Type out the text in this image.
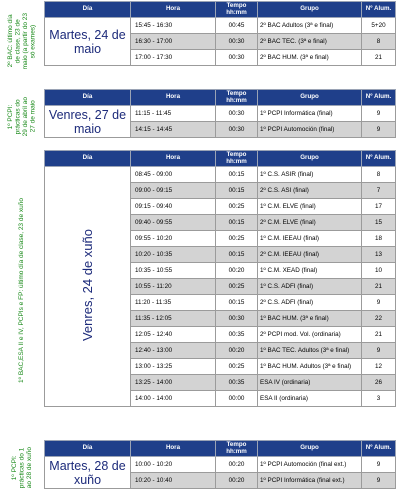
2º BAC: último día
de clase, 23 de
maio (a partir do 23
só exames)
Día	Hora	Tempo
hh:mm	Grupo	Nº Alum.
Martes, 24 de maio	15:45 - 16:30	00:45	2º BAC Adultos (3ª e final)	5+20
	16:30 - 17:00	00:30	2º BAC TEC. (3ª e final)	8
	17:00 - 17:30	00:30	2º BAC HUM. (3ª e final)	21
1º PCPI:
prácticas do
29 de abril ao
27 de maio
Día	Hora	Tempo
hh:mm	Grupo	Nº Alum.
Venres, 27 de maio	11:15 - 11:45	00:30	1º PCPI Informática (final)	9
	14:15 - 14:45	00:30	1º PCPI Automoción (final)	9
1º BAC,ESA II e IV, PCPIs e FP: último día de clase, 23 de xuño
Día	Hora	Tempo
hh:mm	Grupo	Nº Alum.
Venres, 24 de xuño	08:45 - 09:00	00:15	1º C.S. ASIR (final)	8
	09:00 - 09:15	00:15	2º C.S. ASI (final)	7
	09:15 - 09:40	00:25	1º C.M. ELVE (final)	17
	09:40 - 09:55	00:15	2º C.M. ELVE (final)	15
	09:55 - 10:20	00:25	1º C.M. IEEAU (final)	18
	10:20 - 10:35	00:15	2º C.M. IEEAU (final)	13
	10:35 - 10:55	00:20	1º C.M. XEAD (final)	10
	10:55 - 11:20	00:25	1º C.S. ADFI (final)	21
	11:20 - 11:35	00:15	2º C.S. ADFI (final)	9
	11:35 - 12:05	00:30	1º BAC HUM. (3ª e final)	22
	12:05 - 12:40	00:35	2º PCPI mod. Vol. (ordinaria)	21
	12:40 - 13:00	00:20	1º BAC TEC. Adultos (3ª e final)	9
	13:00 - 13:25	00:25	1º BAC HUM. Adultos (3ª e final)	12
	13:25 - 14:00	00:35	ESA IV (ordinaria)	26
	14:00 - 14:00	00:00	ESA II (ordinaria)	3
1º PCPI:
prácticas do 1
ao 28 de xuño	Día	Hora	Tempo
hh:mm	Grupo	Nº Alum.
Martes, 28 de xuño	10:00 - 10:20	00:20	1º PCPI Automoción (final ext.)	9
	10:20 - 10:40	00:20	1º PCPI Informática (final ext.)	9
